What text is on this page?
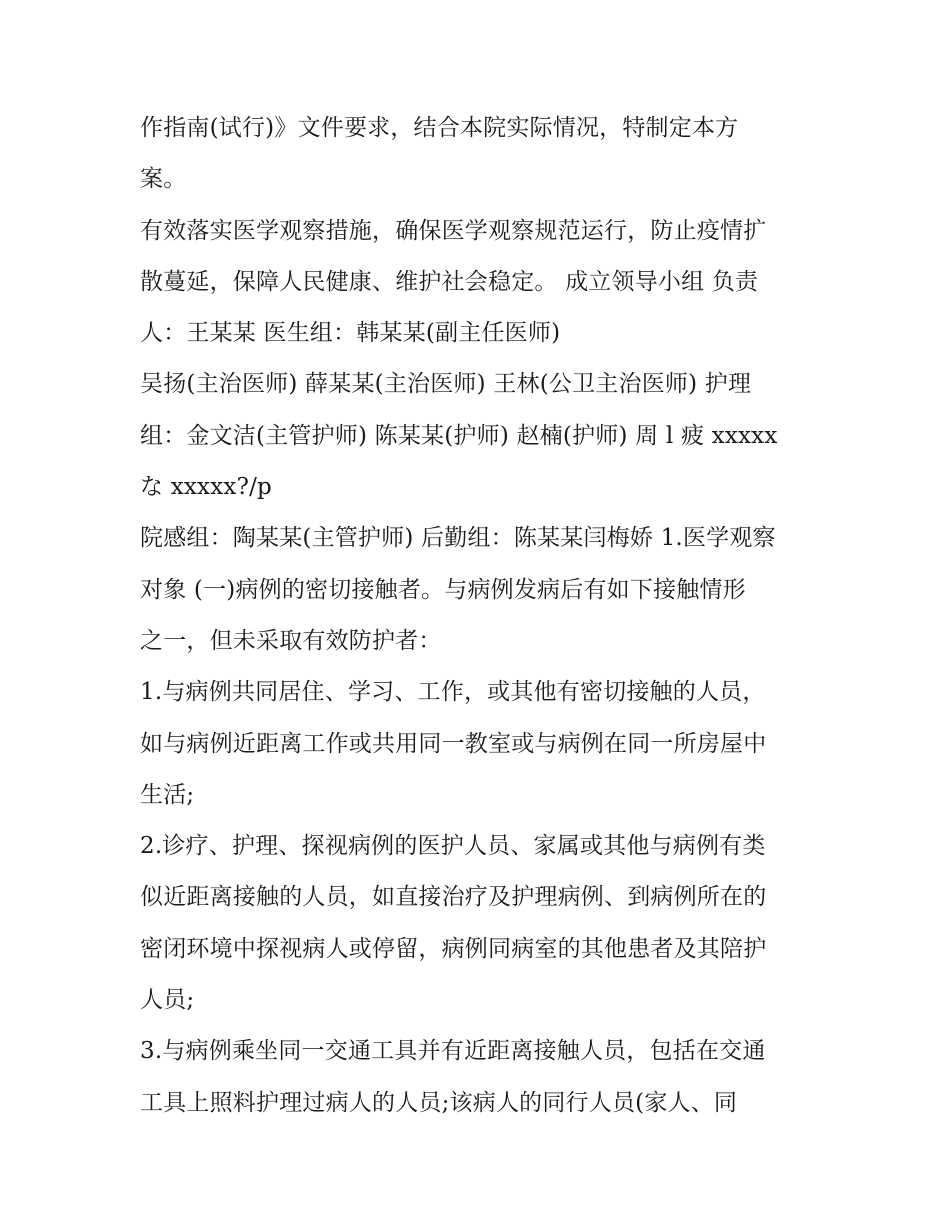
作指南(试行)》文件要求，结合本院实际情况，特制定本方
案。
有效落实医学观察措施，确保医学观察规范运行，防止疫情扩
散蔓延，保障人民健康、维护社会稳定。 成立领导小组 负责
人：王某某 医生组：韩某某(副主任医师)
吴扬(主治医师) 薛某某(主治医师) 王林(公卫主治医师) 护理
组：金文洁(主管护师) 陈某某(护师) 赵楠(护师) 周 l 疲 xxxxx
な xxxxx?/p
院感组：陶某某(主管护师) 后勤组：陈某某闫梅娇 1.医学观察
对象 (一)病例的密切接触者。与病例发病后有如下接触情形
之一，但未采取有效防护者：
1.与病例共同居住、学习、工作，或其他有密切接触的人员，
如与病例近距离工作或共用同一教室或与病例在同一所房屋中
生活;
2.诊疗、护理、探视病例的医护人员、家属或其他与病例有类
似近距离接触的人员，如直接治疗及护理病例、到病例所在的
密闭环境中探视病人或停留，病例同病室的其他患者及其陪护
人员;
3.与病例乘坐同一交通工具并有近距离接触人员，包括在交通
工具上照料护理过病人的人员;该病人的同行人员(家人、同
